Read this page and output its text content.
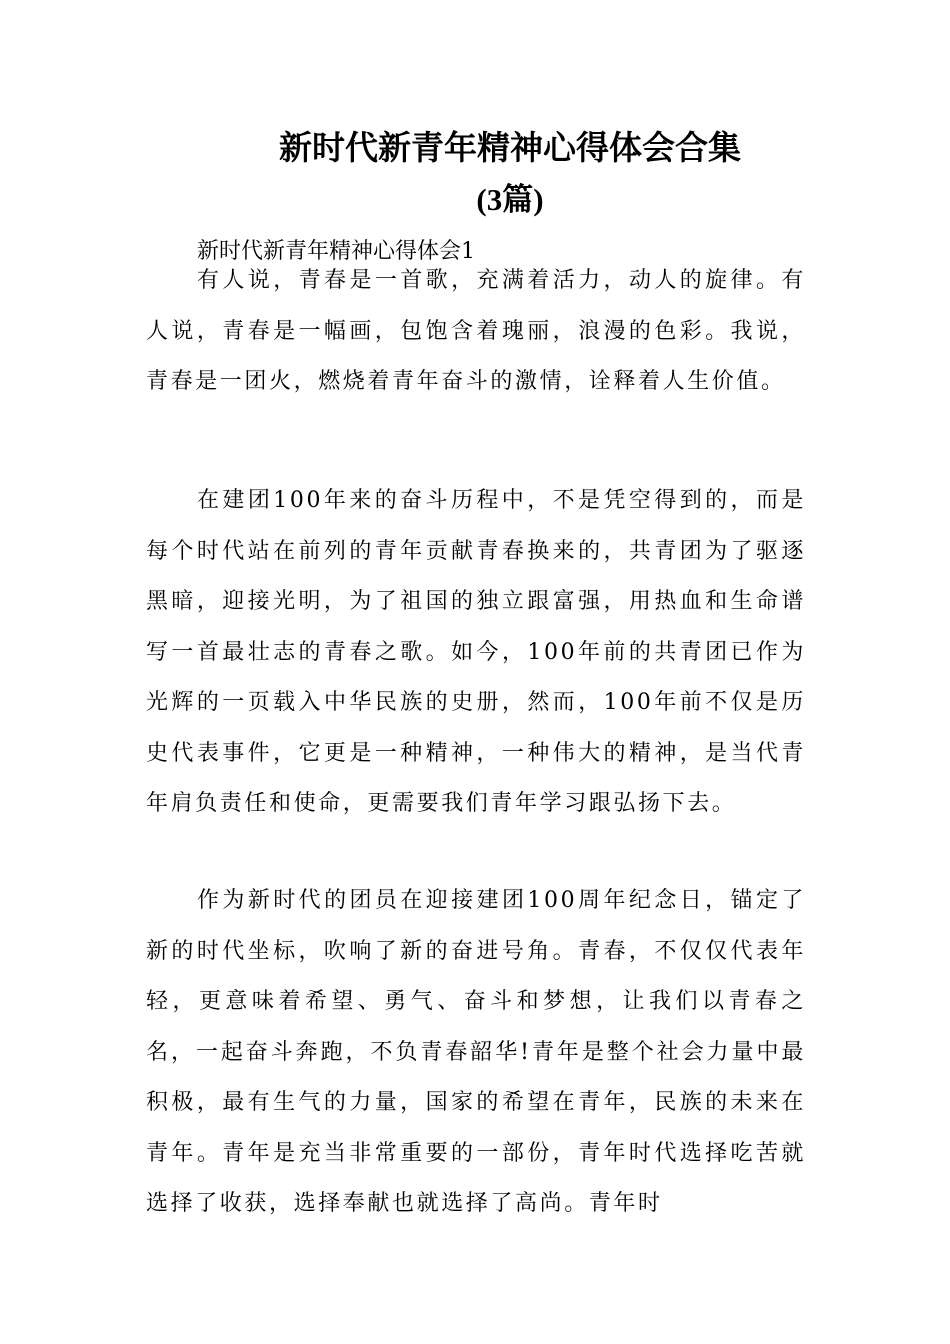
新时代新青年精神心得体会合集
(3篇)
新时代新青年精神心得体会1

有人说，青春是一首歌，充满着活力，动人的旋律。有人说，青春是一幅画，包饱含着瑰丽，浪漫的色彩。我说，青春是一团火，燃烧着青年奋斗的激情，诠释着人生价值。

在建团100年来的奋斗历程中，不是凭空得到的，而是每个时代站在前列的青年贡献青春换来的，共青团为了驱逐黑暗，迎接光明，为了祖国的独立跟富强，用热血和生命谱写一首最壮志的青春之歌。如今，100年前的共青团已作为光辉的一页载入中华民族的史册，然而，100年前不仅是历史代表事件，它更是一种精神，一种伟大的精神，是当代青年肩负责任和使命，更需要我们青年学习跟弘扬下去。

作为新时代的团员在迎接建团100周年纪念日，锚定了新的时代坐标，吹响了新的奋进号角。青春，不仅仅代表年轻，更意味着希望、勇气、奋斗和梦想，让我们以青春之名，一起奋斗奔跑，不负青春韶华!青年是整个社会力量中最积极，最有生气的力量，国家的希望在青年，民族的未来在青年。青年是充当非常重要的一部份，青年时代选择吃苦就选择了收获，选择奉献也就选择了高尚。青年时
